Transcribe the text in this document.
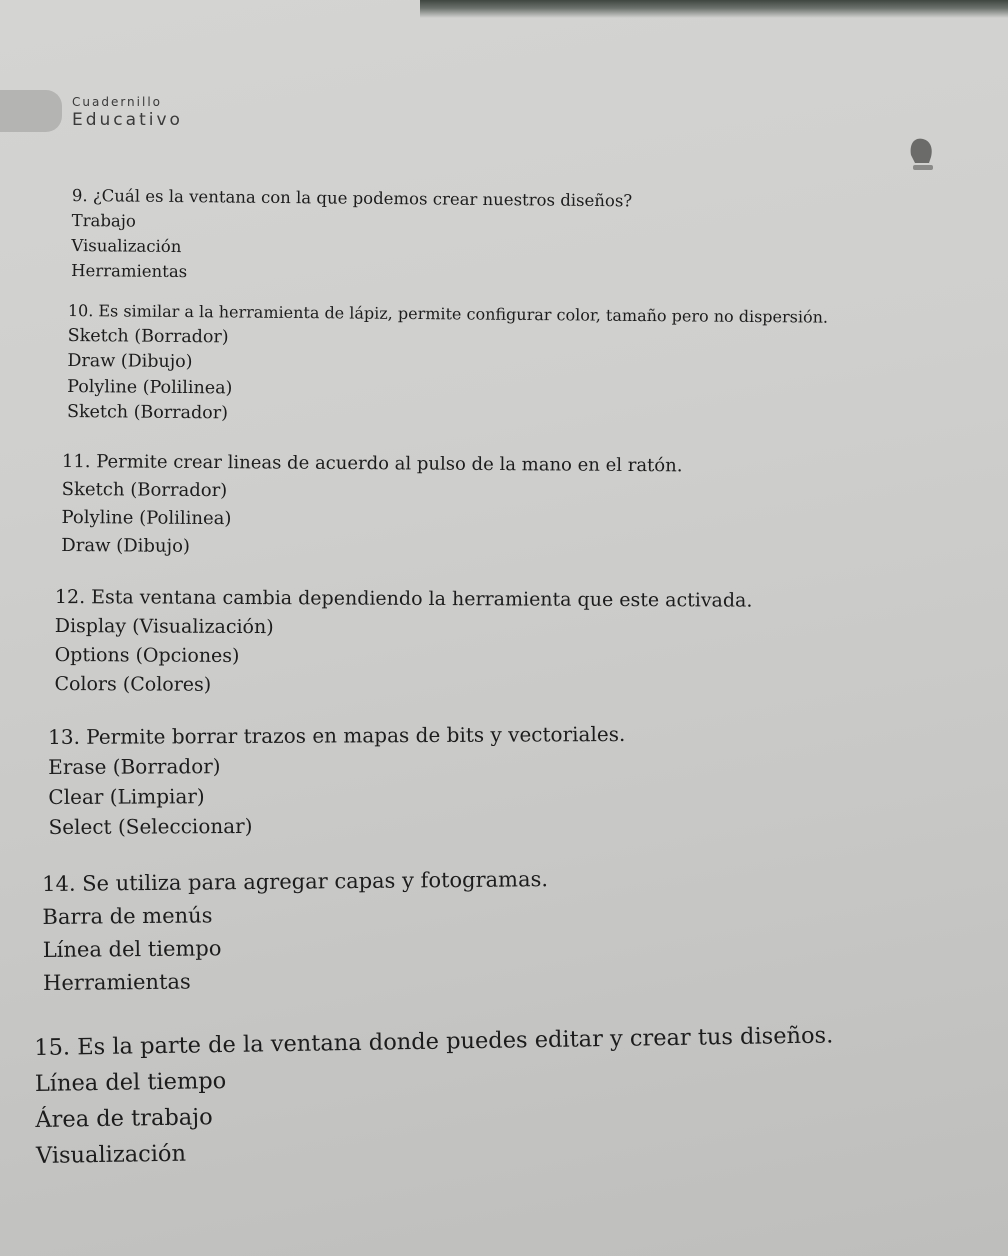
Cuadernillo
Educativo
9. ¿Cuál es la ventana con la que podemos crear nuestros diseños?
Trabajo
Visualización
Herramientas
10. Es similar a la herramienta de lápiz, permite configurar color, tamaño pero no dispersión.
Sketch (Borrador)
Draw (Dibujo)
Polyline (Polilinea)
Sketch (Borrador)
11. Permite crear lineas de acuerdo al pulso de la mano en el ratón.
Sketch (Borrador)
Polyline (Polilinea)
Draw (Dibujo)
12. Esta ventana cambia dependiendo la herramienta que este activada.
Display (Visualización)
Options (Opciones)
Colors (Colores)
13. Permite borrar trazos en mapas de bits y vectoriales.
Erase (Borrador)
Clear (Limpiar)
Select (Seleccionar)
14. Se utiliza para agregar capas y fotogramas.
Barra de menús
Línea del tiempo
Herramientas
15. Es la parte de la ventana donde puedes editar y crear tus diseños.
Línea del tiempo
Área de trabajo
Visualización
